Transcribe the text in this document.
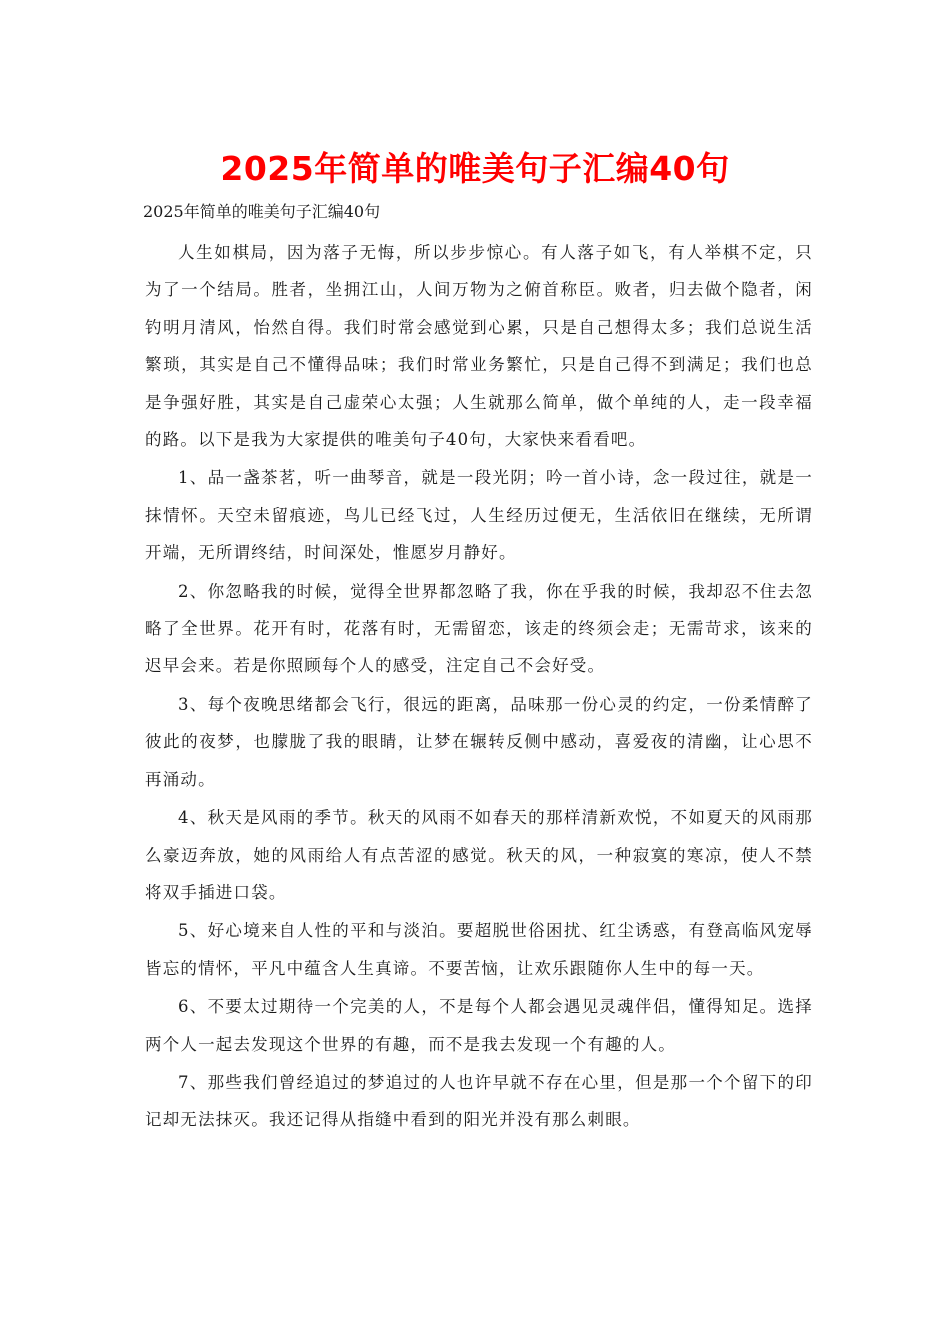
2025年简单的唯美句子汇编40句

2025年简单的唯美句子汇编40句

人生如棋局，因为落子无悔，所以步步惊心。有人落子如飞，有人举棋不定，只为了一个结局。胜者，坐拥江山，人间万物为之俯首称臣。败者，归去做个隐者，闲钓明月清风，怡然自得。我们时常会感觉到心累，只是自己想得太多；我们总说生活繁琐，其实是自己不懂得品味；我们时常业务繁忙，只是自己得不到满足；我们也总是争强好胜，其实是自己虚荣心太强；人生就那么简单，做个单纯的人，走一段幸福的路。以下是我为大家提供的唯美句子40句，大家快来看看吧。

1、品一盏茶茗，听一曲琴音，就是一段光阴；吟一首小诗，念一段过往，就是一抹情怀。天空未留痕迹，鸟儿已经飞过，人生经历过便无，生活依旧在继续，无所谓开端，无所谓终结，时间深处，惟愿岁月静好。

2、你忽略我的时候，觉得全世界都忽略了我，你在乎我的时候，我却忍不住去忽略了全世界。花开有时，花落有时，无需留恋，该走的终须会走；无需苛求，该来的迟早会来。若是你照顾每个人的感受，注定自己不会好受。

3、每个夜晚思绪都会飞行，很远的距离，品味那一份心灵的约定，一份柔情醉了彼此的夜梦，也朦胧了我的眼睛，让梦在辗转反侧中感动，喜爱夜的清幽，让心思不再涌动。

4、秋天是风雨的季节。秋天的风雨不如春天的那样清新欢悦，不如夏天的风雨那么豪迈奔放，她的风雨给人有点苦涩的感觉。秋天的风，一种寂寞的寒凉，使人不禁将双手插进口袋。

5、好心境来自人性的平和与淡泊。要超脱世俗困扰、红尘诱惑，有登高临风宠辱皆忘的情怀，平凡中蕴含人生真谛。不要苦恼，让欢乐跟随你人生中的每一天。

6、不要太过期待一个完美的人，不是每个人都会遇见灵魂伴侣，懂得知足。选择两个人一起去发现这个世界的有趣，而不是我去发现一个有趣的人。

7、那些我们曾经追过的梦追过的人也许早就不存在心里，但是那一个个留下的印记却无法抹灭。我还记得从指缝中看到的阳光并没有那么刺眼。
